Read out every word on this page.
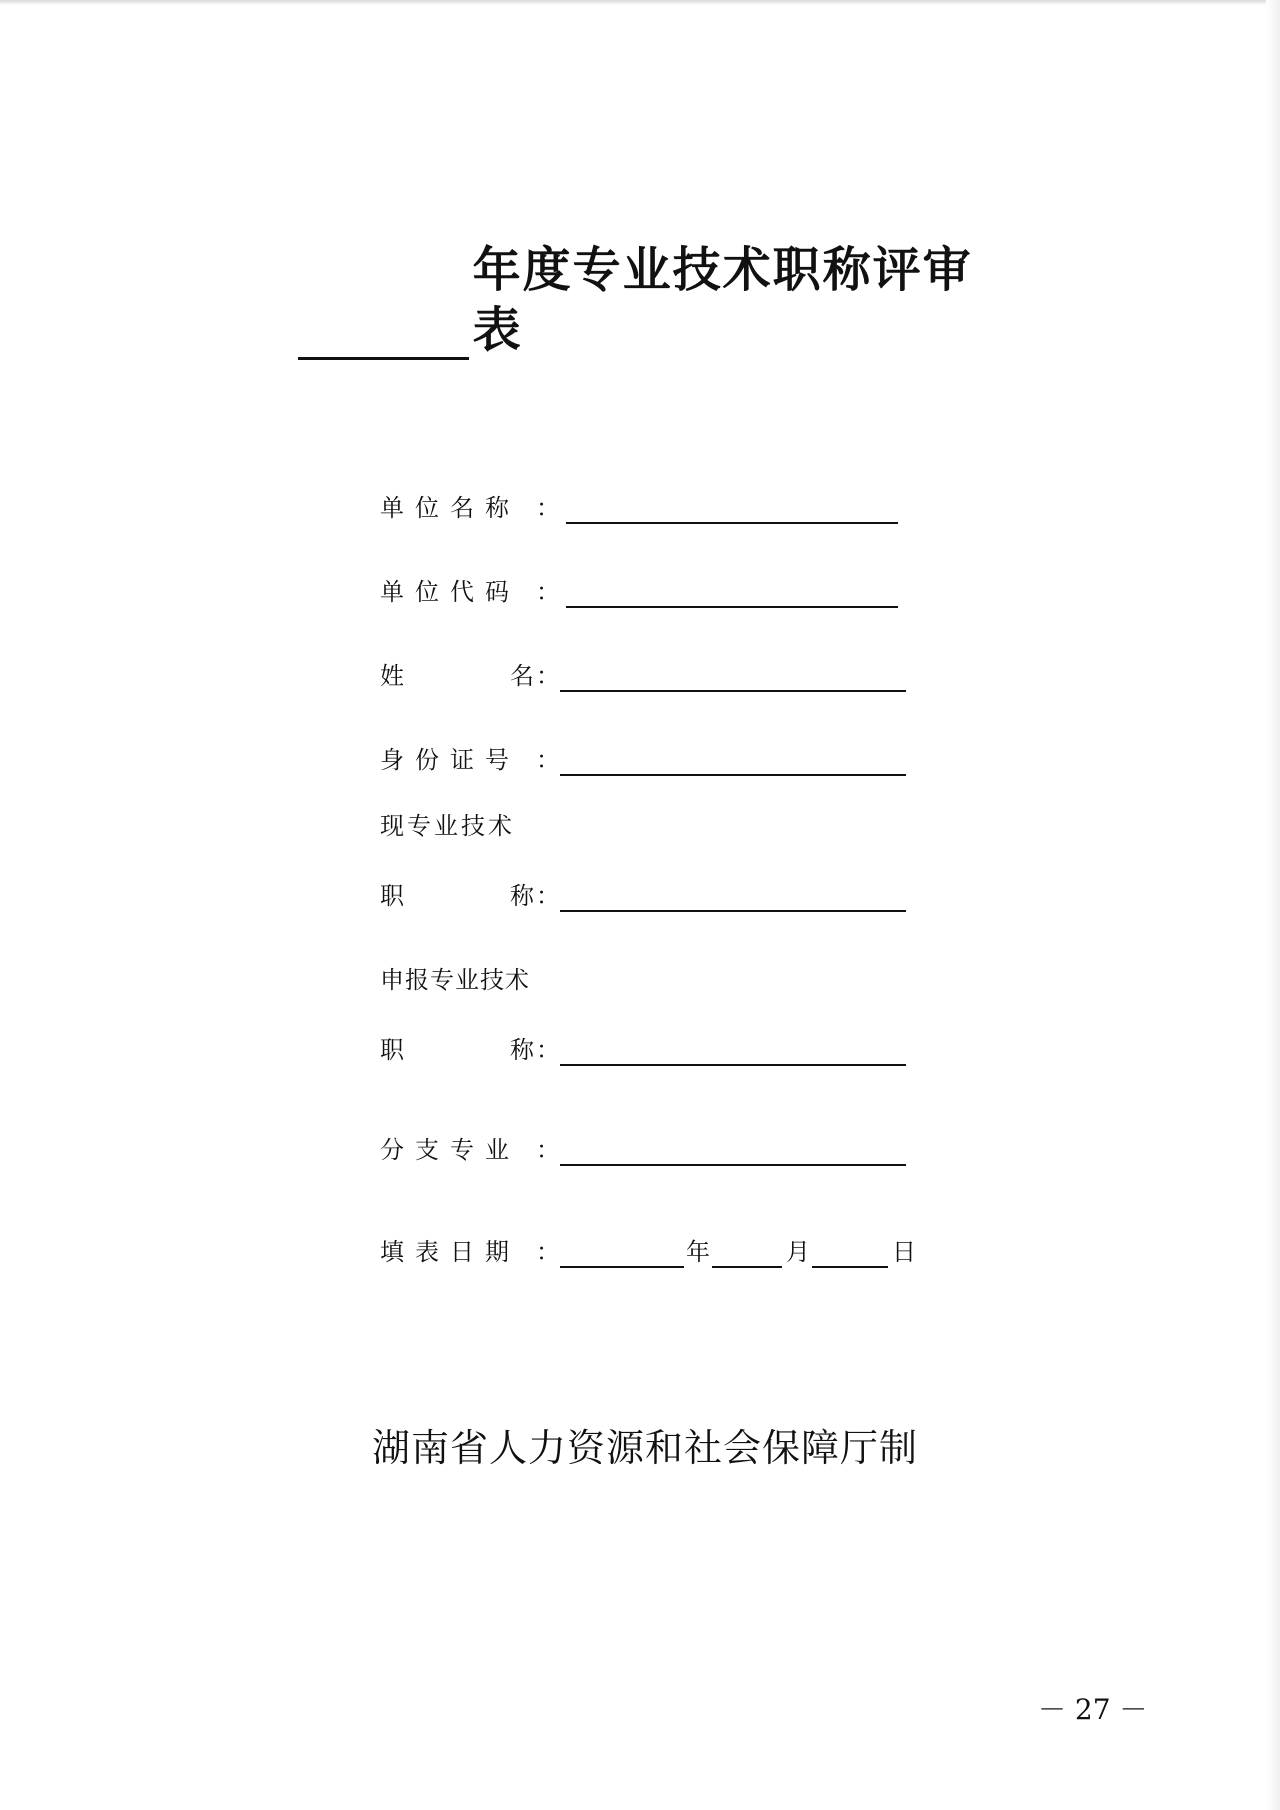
年度专业技术职称评审表
单位名称 ：
单位代码 ：
姓	名 ：
身份证号 ：
现专业技术
职	称 ：
申报专业技术
职	称 ：
分支专业 ：
填表日期 ：	年	月	日
湖南省人力资源和社会保障厅制
－ 27 －
